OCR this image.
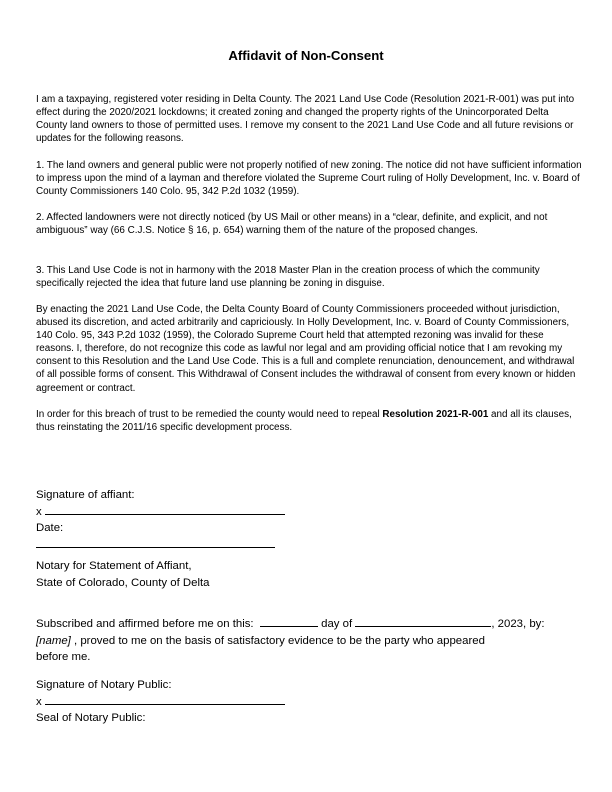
Affidavit of Non-Consent

I am a taxpaying, registered voter residing in Delta County. The 2021 Land Use Code (Resolution 2021-R-001) was put into effect during the 2020/2021 lockdowns; it created zoning and changed the property rights of the Unincorporated Delta County land owners to those of permitted uses. I remove my consent to the 2021 Land Use Code and all future revisions or updates for the following reasons.

1. The land owners and general public were not properly notified of new zoning. The notice did not have sufficient information to impress upon the mind of a layman and therefore violated the Supreme Court ruling of Holly Development, Inc. v. Board of County Commissioners 140 Colo. 95, 342 P.2d 1032 (1959).

2. Affected landowners were not directly noticed (by US Mail or other means) in a “clear, definite, and explicit, and not ambiguous” way (66 C.J.S. Notice § 16, p. 654) warning them of the nature of the proposed changes.

3. This Land Use Code is not in harmony with the 2018 Master Plan in the creation process of which the community specifically rejected the idea that future land use planning be zoning in disguise.

By enacting the 2021 Land Use Code, the Delta County Board of County Commissioners proceeded without jurisdiction, abused its discretion, and acted arbitrarily and capriciously. In Holly Development, Inc. v. Board of County Commissioners, 140 Colo. 95, 343 P.2d 1032 (1959), the Colorado Supreme Court held that attempted rezoning was invalid for these reasons. I, therefore, do not recognize this code as lawful nor legal and am providing official notice that I am revoking my consent to this Resolution and the Land Use Code. This is a full and complete renunciation, denouncement, and withdrawal of all possible forms of consent. This Withdrawal of Consent includes the withdrawal of consent from every known or hidden agreement or contract.

In order for this breach of trust to be remedied the county would need to repeal Resolution 2021-R-001 and all its clauses, thus reinstating the 2011/16 specific development process.

Signature of affiant:
x
Date:
Notary for Statement of Affiant,
State of Colorado, County of Delta
Subscribed and affirmed before me on this:	day of	, 2023, by:
[name] , proved to me on the basis of satisfactory evidence to be the party who appeared
before me.
Signature of Notary Public:
x
Seal of Notary Public:
